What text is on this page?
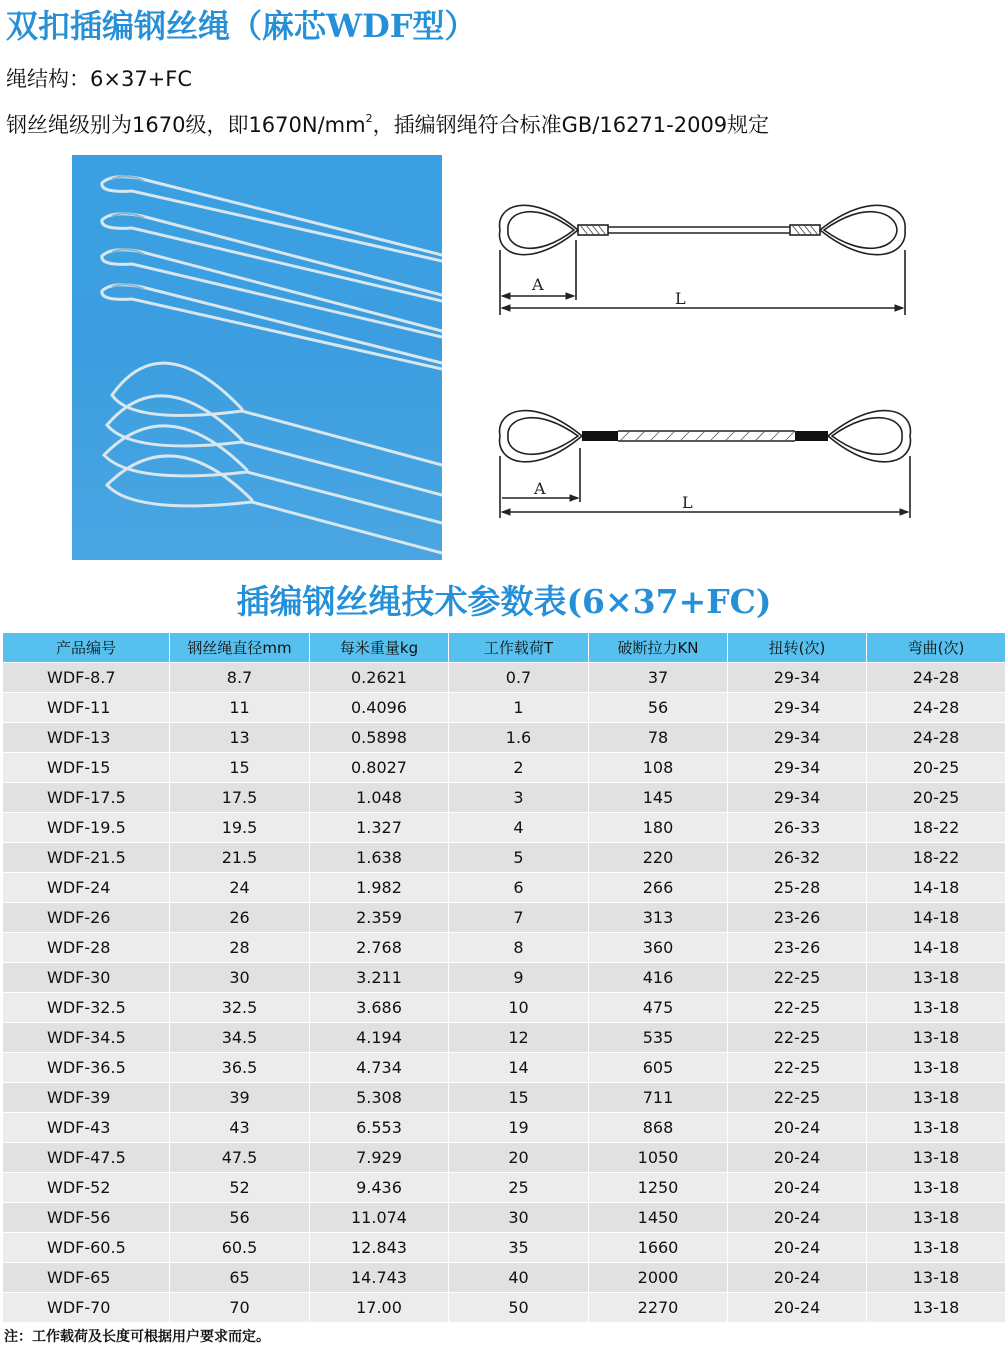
双扣插编钢丝绳（麻芯WDF型）
绳结构：6×37+FC
钢丝绳级别为1670级，即$1670N/mm^2$，插编钢绳符合标准GB/16271-2009规定
A
L
A
L
插编钢丝绳技术参数表(6×37+FC)
产品编号	钢丝绳直径mm	每米重量kg	工作载荷T	破断拉力KN	扭转(次)	弯曲(次)
WDF-8.7	8.7	0.2621	0.7	37	29-34	24-28
WDF-11	11	0.4096	1	56	29-34	24-28
WDF-13	13	0.5898	1.6	78	29-34	24-28
WDF-15	15	0.8027	2	108	29-34	20-25
WDF-17.5	17.5	1.048	3	145	29-34	20-25
WDF-19.5	19.5	1.327	4	180	26-33	18-22
WDF-21.5	21.5	1.638	5	220	26-32	18-22
WDF-24	24	1.982	6	266	25-28	14-18
WDF-26	26	2.359	7	313	23-26	14-18
WDF-28	28	2.768	8	360	23-26	14-18
WDF-30	30	3.211	9	416	22-25	13-18
WDF-32.5	32.5	3.686	10	475	22-25	13-18
WDF-34.5	34.5	4.194	12	535	22-25	13-18
WDF-36.5	36.5	4.734	14	605	22-25	13-18
WDF-39	39	5.308	15	711	22-25	13-18
WDF-43	43	6.553	19	868	20-24	13-18
WDF-47.5	47.5	7.929	20	1050	20-24	13-18
WDF-52	52	9.436	25	1250	20-24	13-18
WDF-56	56	11.074	30	1450	20-24	13-18
WDF-60.5	60.5	12.843	35	1660	20-24	13-18
WDF-65	65	14.743	40	2000	20-24	13-18
WDF-70	70	17.00	50	2270	20-24	13-18
注：工作载荷及长度可根据用户要求而定。
